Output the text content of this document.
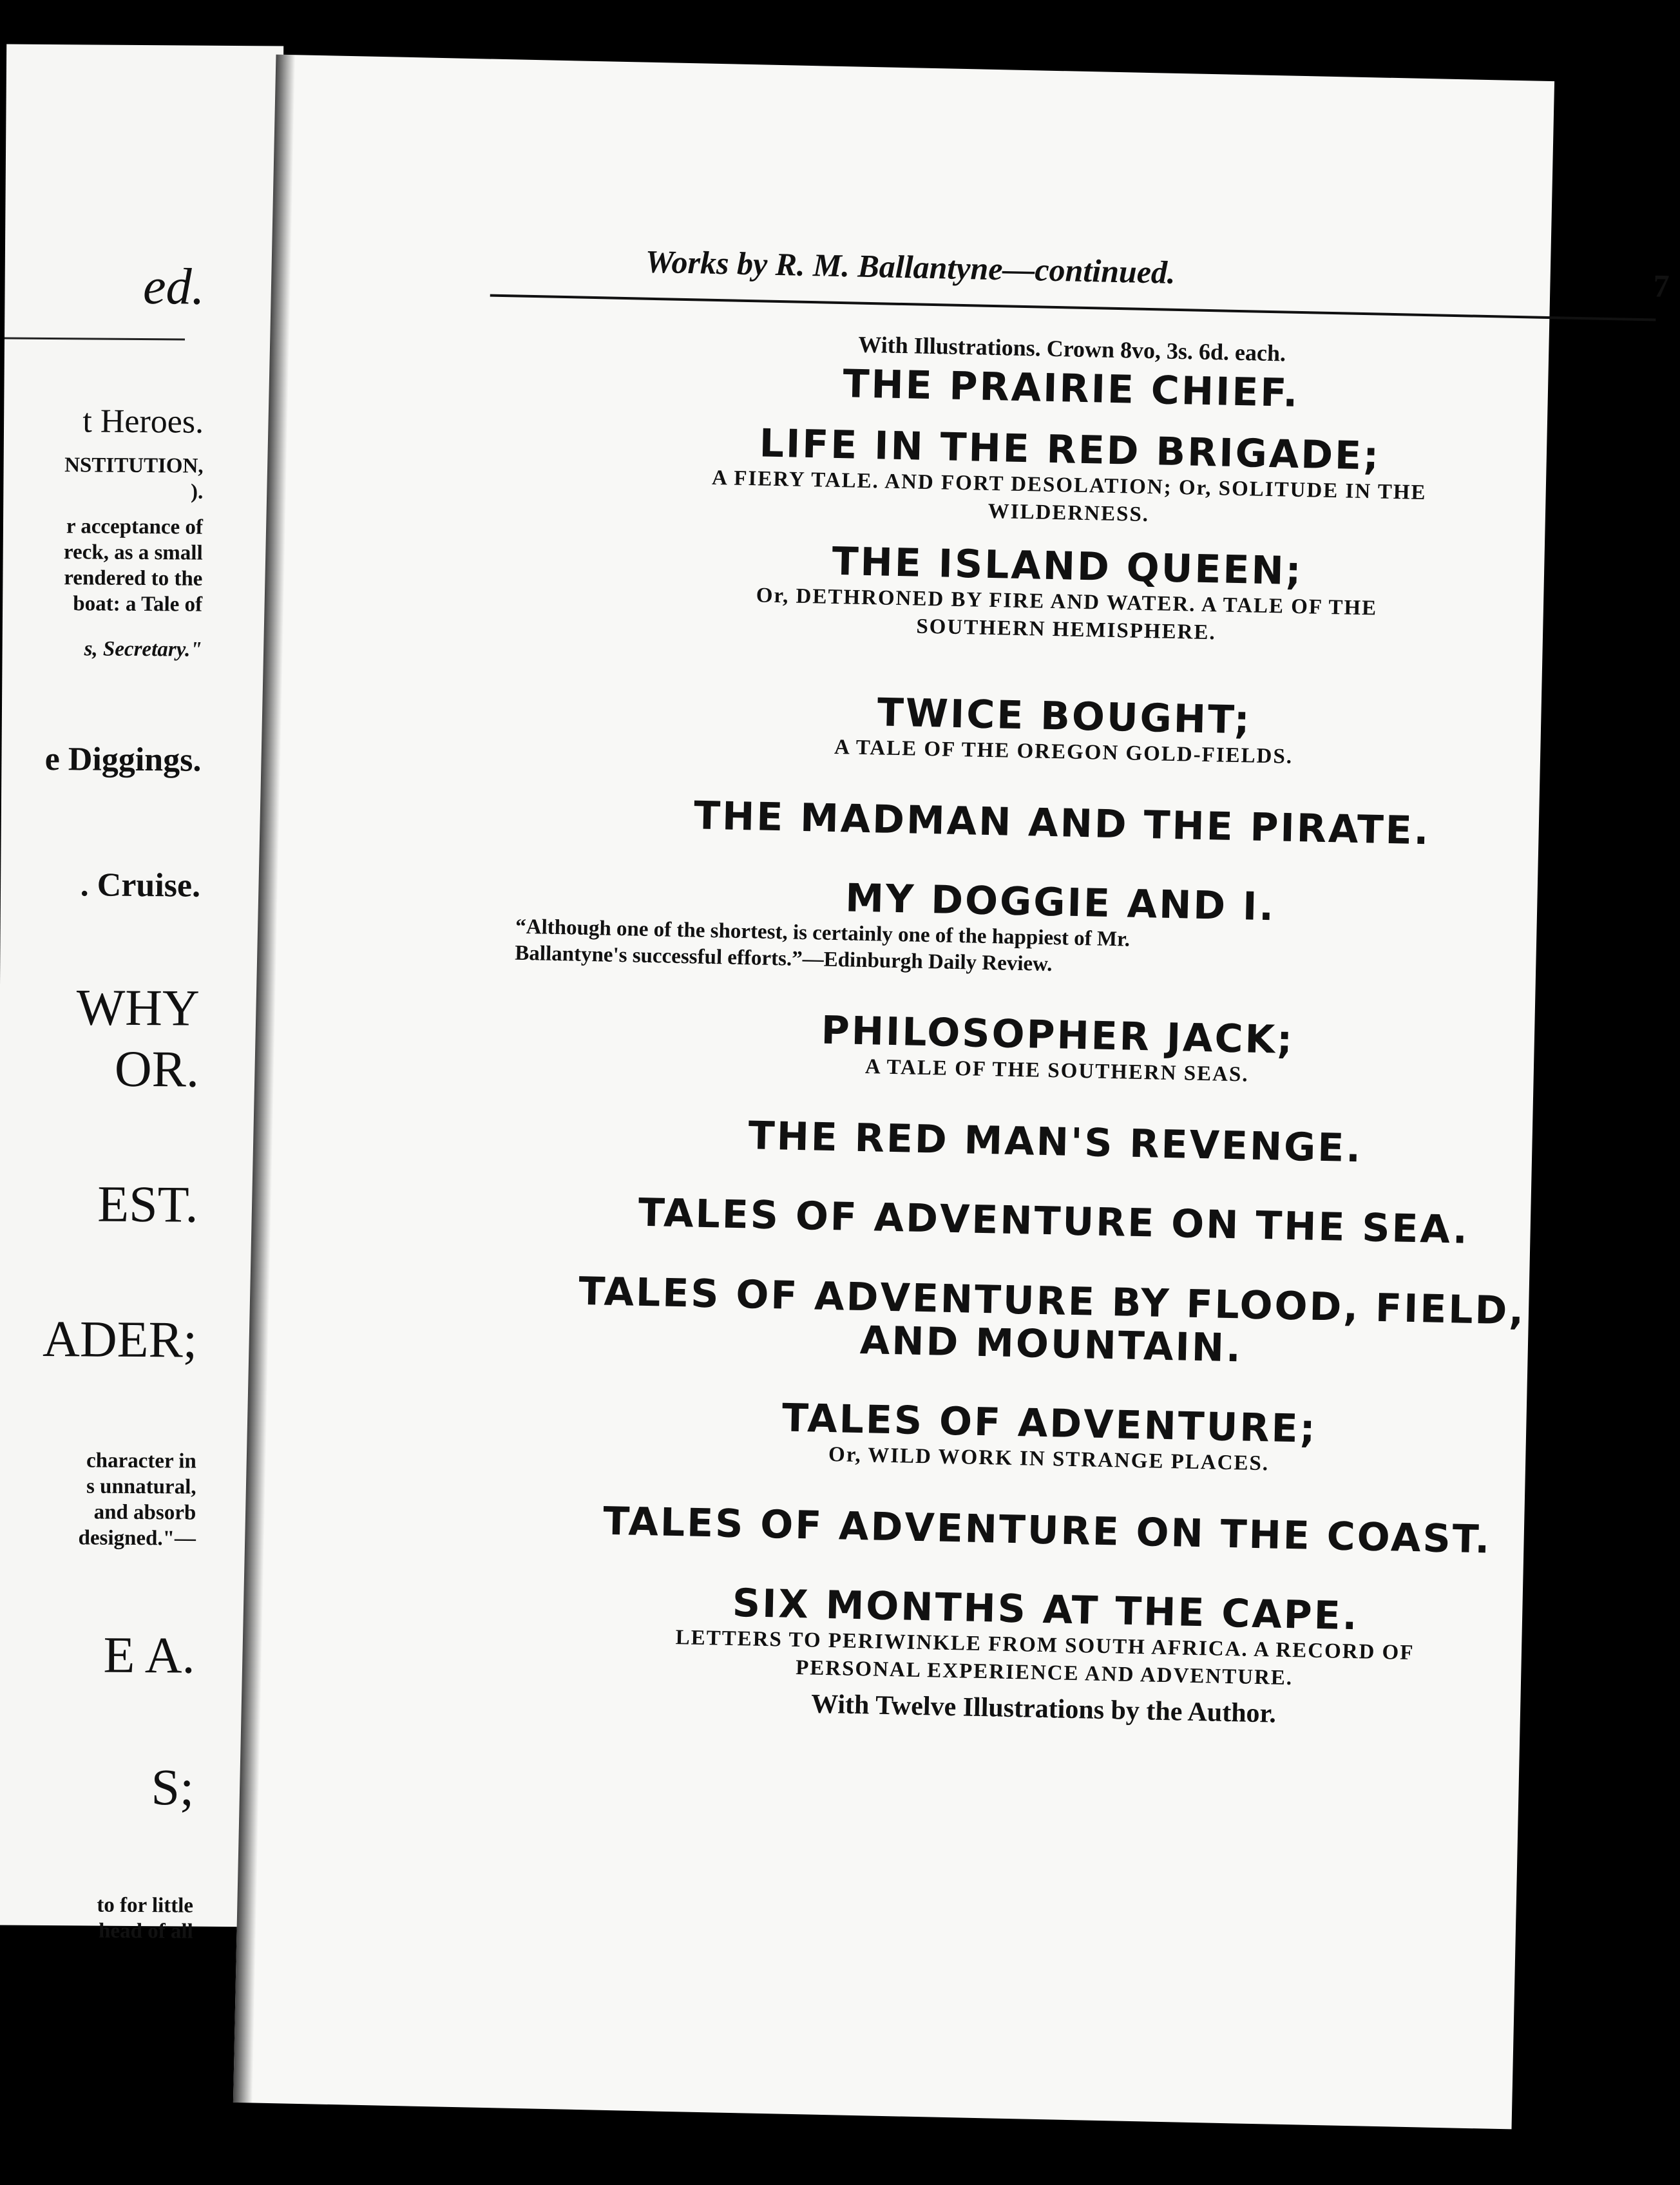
ed.
t Heroes.
NSTITUTION,
).
r acceptance of
reck, as a small
rendered to the
boat: a Tale of
s, Secretary."
e Diggings.
. Cruise.
WHY
OR.
EST.
ADER;
character in
s unnatural,
and absorb
designed."—
E A.
S;
to for little
head of all
Works by R. M. Ballantyne—continued.	7
With Illustrations. Crown 8vo, 3s. 6d. each.
THE PRAIRIE CHIEF.
LIFE IN THE RED BRIGADE;
A FIERY TALE. AND FORT DESOLATION; Or, SOLITUDE IN THE
WILDERNESS.
THE ISLAND QUEEN;
Or, DETHRONED BY FIRE AND WATER. A TALE OF THE
SOUTHERN HEMISPHERE.
TWICE BOUGHT;
A TALE OF THE OREGON GOLD-FIELDS.
THE MADMAN AND THE PIRATE.
MY DOGGIE AND I.
“Although one of the shortest, is certainly one of the happiest of Mr.
Ballantyne's successful efforts.”—Edinburgh Daily Review.
PHILOSOPHER JACK;
A TALE OF THE SOUTHERN SEAS.
THE RED MAN'S REVENGE.
TALES OF ADVENTURE ON THE SEA.
TALES OF ADVENTURE BY FLOOD, FIELD,
AND MOUNTAIN.
TALES OF ADVENTURE;
Or, WILD WORK IN STRANGE PLACES.
TALES OF ADVENTURE ON THE COAST.
SIX MONTHS AT THE CAPE.
LETTERS TO PERIWINKLE FROM SOUTH AFRICA. A RECORD OF
PERSONAL EXPERIENCE AND ADVENTURE.
With Twelve Illustrations by the Author.
